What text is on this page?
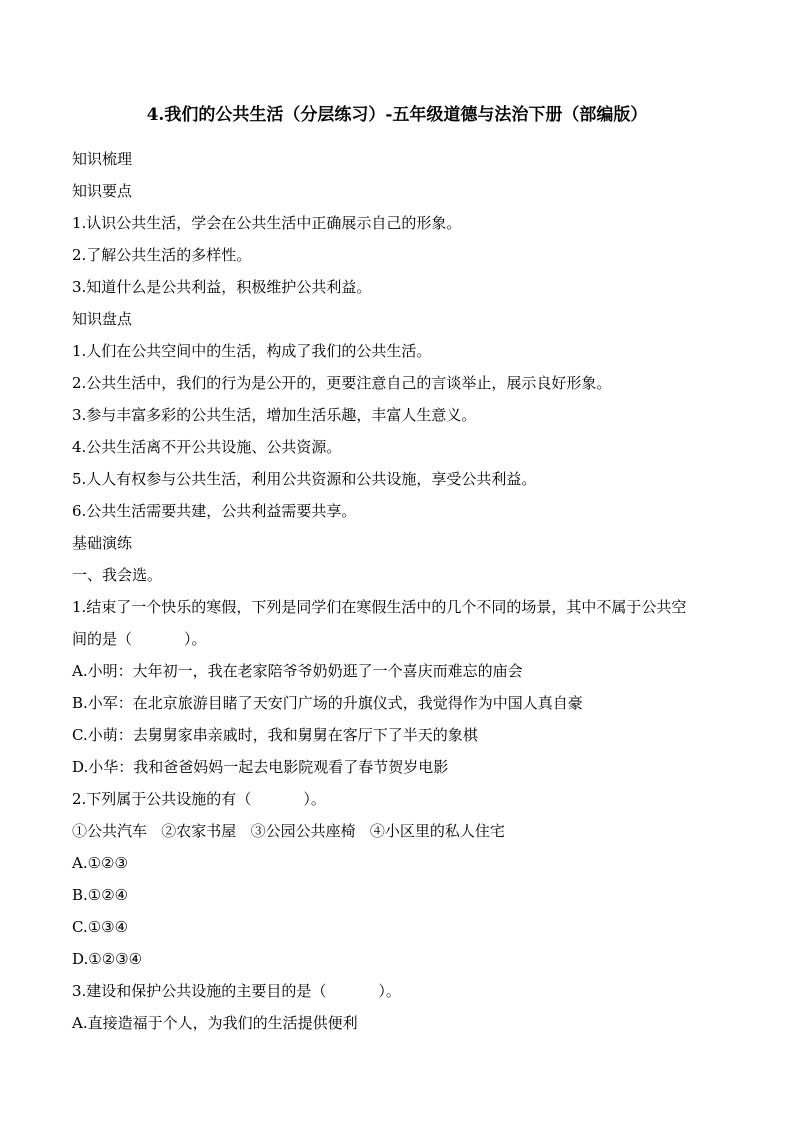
4.我们的公共生活（分层练习）-五年级道德与法治下册（部编版）
知识梳理
知识要点
1.认识公共生活，学会在公共生活中正确展示自己的形象。
2.了解公共生活的多样性。
3.知道什么是公共利益，积极维护公共利益。
知识盘点
1.人们在公共空间中的生活，构成了我们的公共生活。
2.公共生活中，我们的行为是公开的，更要注意自己的言谈举止，展示良好形象。
3.参与丰富多彩的公共生活，增加生活乐趣，丰富人生意义。
4.公共生活离不开公共设施、公共资源。
5.人人有权参与公共生活，利用公共资源和公共设施，享受公共利益。
6.公共生活需要共建，公共利益需要共享。
基础演练
一、我会选。
1.结束了一个快乐的寒假，下列是同学们在寒假生活中的几个不同的场景，其中不属于公共空
间的是（	）。
A.小明：大年初一，我在老家陪爷爷奶奶逛了一个喜庆而难忘的庙会
B.小军：在北京旅游目睹了天安门广场的升旗仪式，我觉得作为中国人真自豪
C.小萌：去舅舅家串亲戚时，我和舅舅在客厅下了半天的象棋
D.小华：我和爸爸妈妈一起去电影院观看了春节贺岁电影
2.下列属于公共设施的有（	）。
①公共汽车   ②农家书屋   ③公园公共座椅   ④小区里的私人住宅
A.①②③
B.①②④
C.①③④
D.①②③④
3.建设和保护公共设施的主要目的是（	）。
A.直接造福于个人，为我们的生活提供便利
